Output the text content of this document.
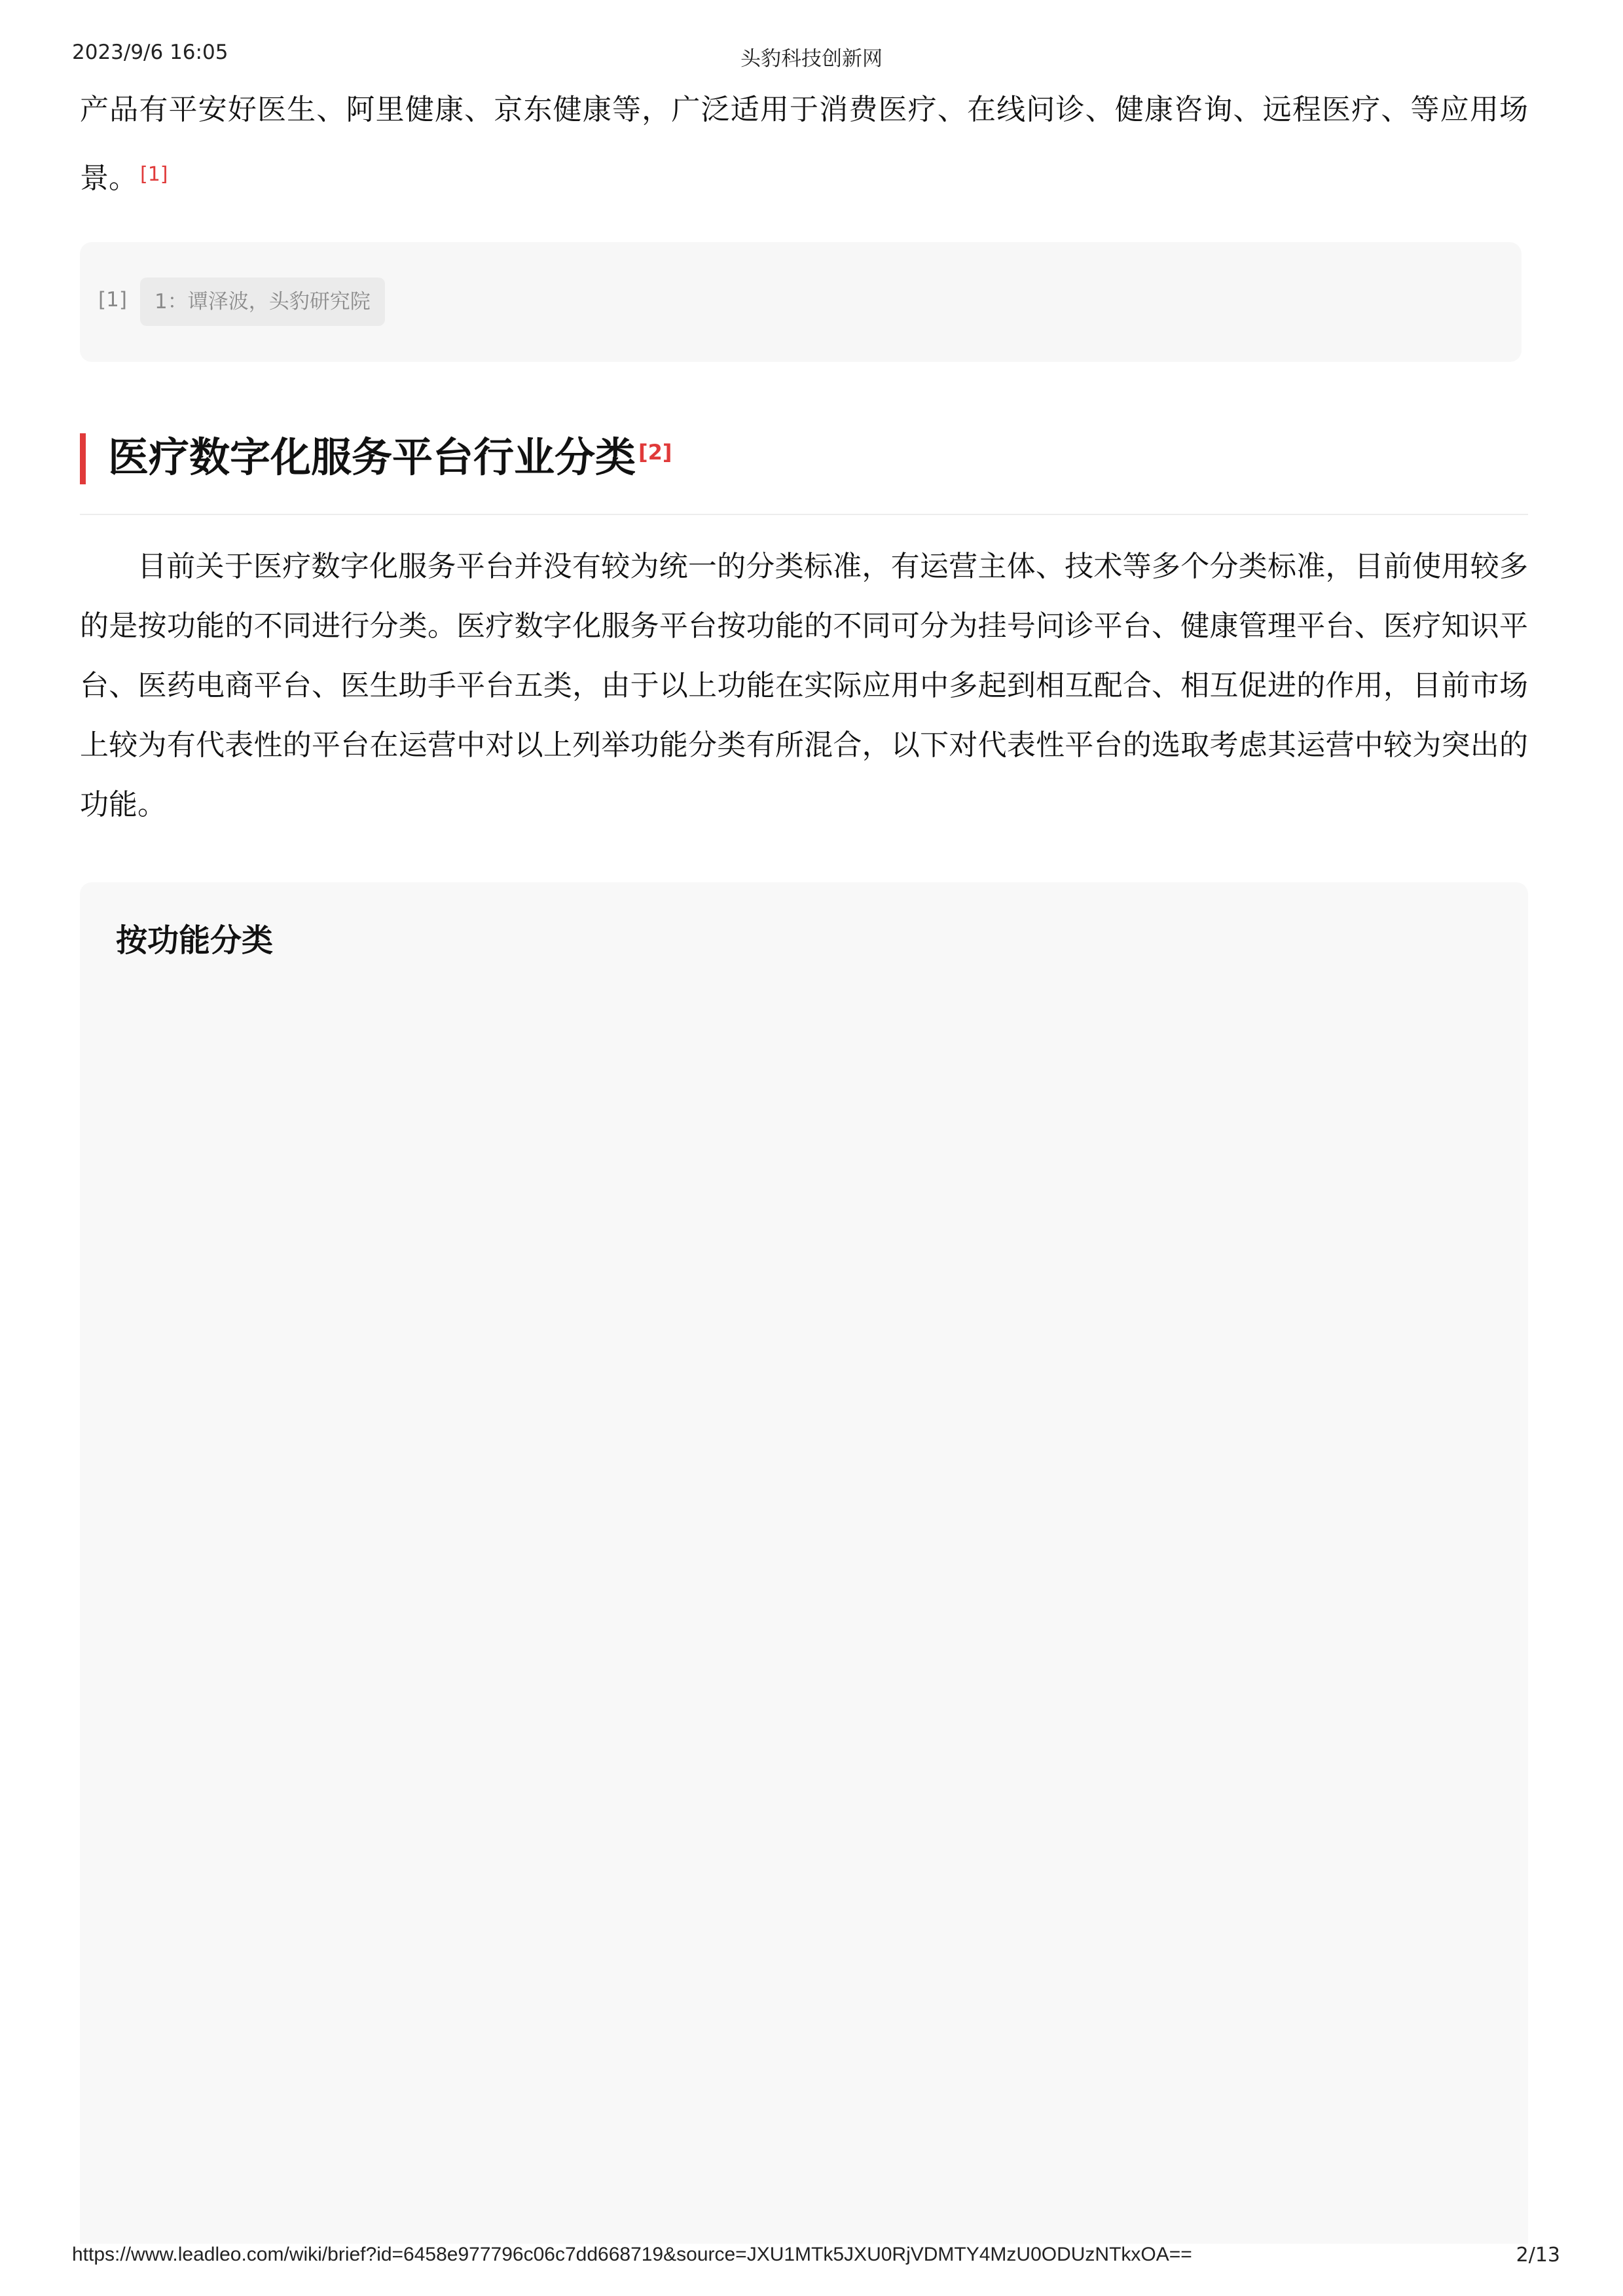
2023/9/6 16:05	头豹科技创新网

产品有平安好医生、阿里健康、京东健康等，广泛适用于消费医疗、在线问诊、健康咨询、远程医疗、等应用场景。 [1]

[1]	1：谭泽波，头豹研究院
医疗数字化服务平台行业分类 [2]

目前关于医疗数字化服务平台并没有较为统一的分类标准，有运营主体、技术等多个分类标准，目前使用较多的是按功能的不同进行分类。医疗数字化服务平台按功能的不同可分为挂号问诊平台、健康管理平台、医疗知识平台、医药电商平台、医生助手平台五类，由于以上功能在实际应用中多起到相互配合、相互促进的作用，目前市场上较为有代表性的平台在运营中对以上列举功能分类有所混合，以下对代表性平台的选取考虑其运营中较为突出的功能。

按功能分类
https://www.leadleo.com/wiki/brief?id=6458e977796c06c7dd668719&source=JXU1MTk5JXU0RjVDMTY4MzU0ODUzNTkxOA==	2/13
